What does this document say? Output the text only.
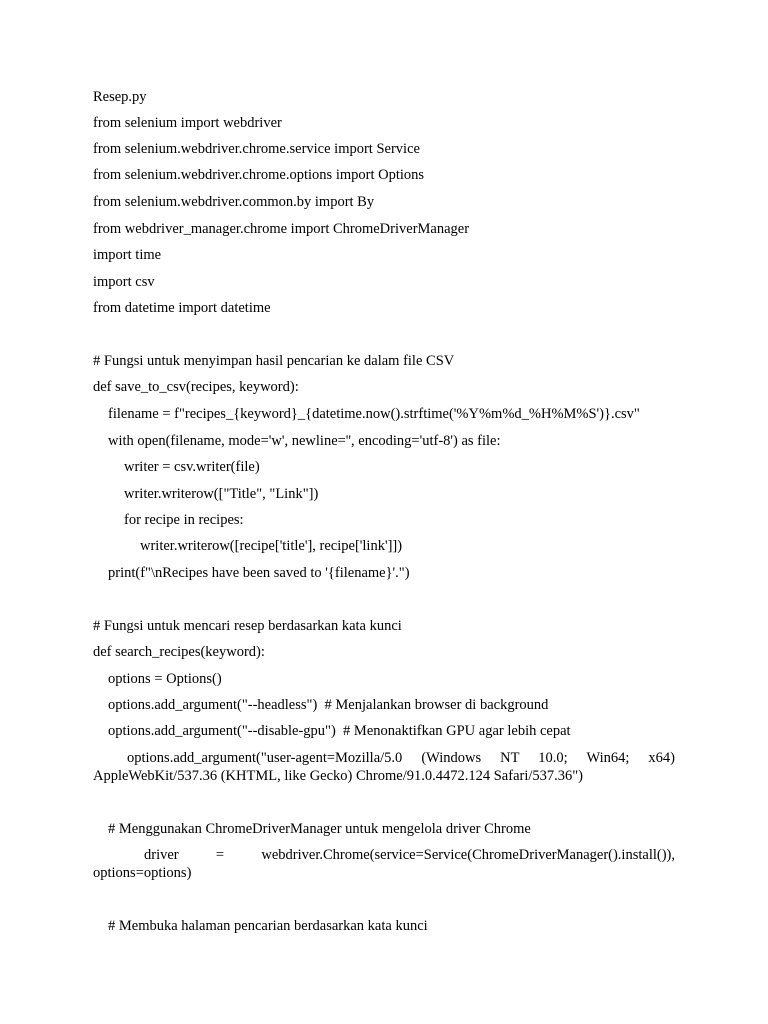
Resep.py
from selenium import webdriver
from selenium.webdriver.chrome.service import Service
from selenium.webdriver.chrome.options import Options
from selenium.webdriver.common.by import By
from webdriver_manager.chrome import ChromeDriverManager
import time
import csv
from datetime import datetime
# Fungsi untuk menyimpan hasil pencarian ke dalam file CSV
def save_to_csv(recipes, keyword):
filename = f"recipes_{keyword}_{datetime.now().strftime('%Y%m%d_%H%M%S')}.csv"
with open(filename, mode='w', newline='', encoding='utf-8') as file:
writer = csv.writer(file)
writer.writerow(["Title", "Link"])
for recipe in recipes:
writer.writerow([recipe['title'], recipe['link']])
print(f"\nRecipes have been saved to '{filename}'.")
# Fungsi untuk mencari resep berdasarkan kata kunci
def search_recipes(keyword):
options = Options()
options.add_argument("--headless")  # Menjalankan browser di background
options.add_argument("--disable-gpu")  # Menonaktifkan GPU agar lebih cepat
options.add_argument("user-agent=Mozilla/5.0 (Windows NT 10.0; Win64; x64)
AppleWebKit/537.36 (KHTML, like Gecko) Chrome/91.0.4472.124 Safari/537.36")
# Menggunakan ChromeDriverManager untuk mengelola driver Chrome
driver = webdriver.Chrome(service=Service(ChromeDriverManager().install()),
options=options)
# Membuka halaman pencarian berdasarkan kata kunci
